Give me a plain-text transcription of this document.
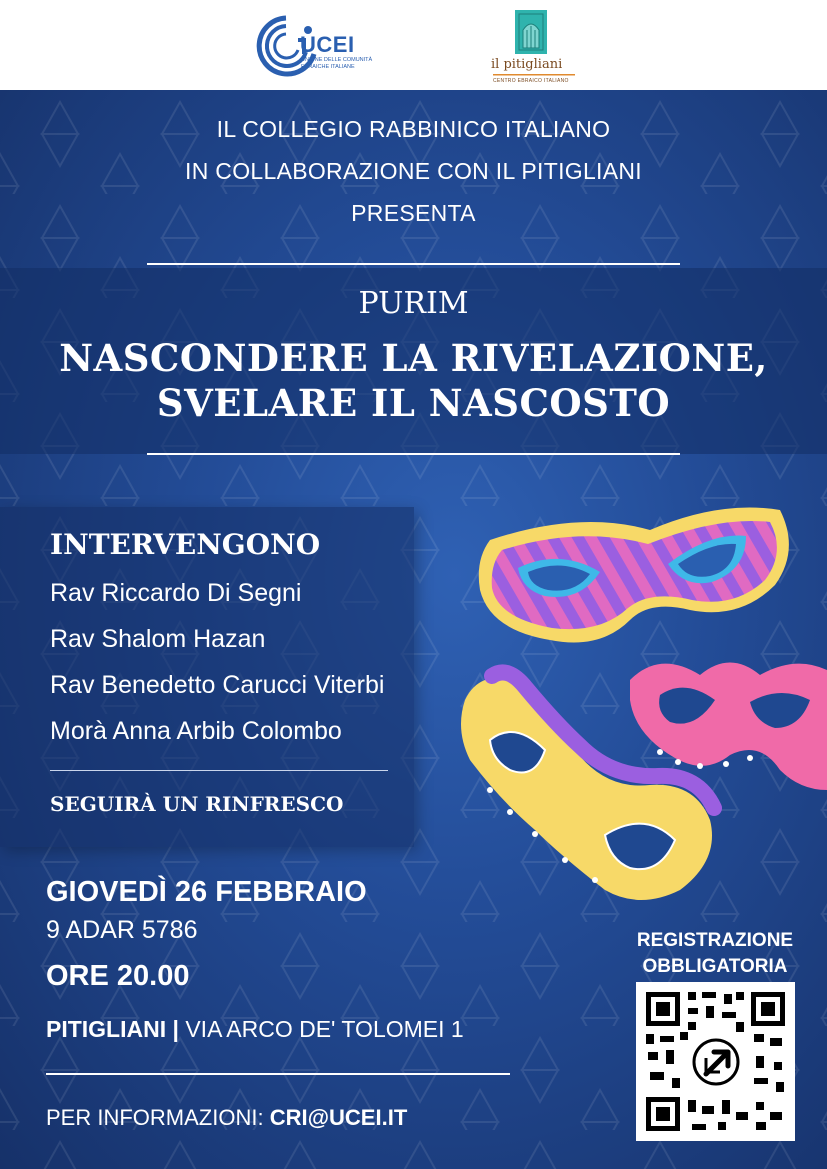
UCEI
UNIONE DELLE COMUNITÀ EBRAICHE ITALIANE	il pitigliani
CENTRO EBRAICO ITALIANO
IL COLLEGIO RABBINICO ITALIANO
IN COLLABORAZIONE CON IL PITIGLIANI
PRESENTA
PURIM
NASCONDERE LA RIVELAZIONE,
SVELARE IL NASCOSTO
INTERVENGONO
Rav Riccardo Di Segni
Rav Shalom Hazan
Rav Benedetto Carucci Viterbi
Morà Anna Arbib Colombo
SEGUIRÀ UN RINFRESCO
GIOVEDÌ 26 FEBBRAIO
9 ADAR 5786
ORE 20.00
PITIGLIANI | VIA ARCO DE' TOLOMEI 1
PER INFORMAZIONI: CRI@UCEI.IT
REGISTRAZIONE
OBBLIGATORIA
